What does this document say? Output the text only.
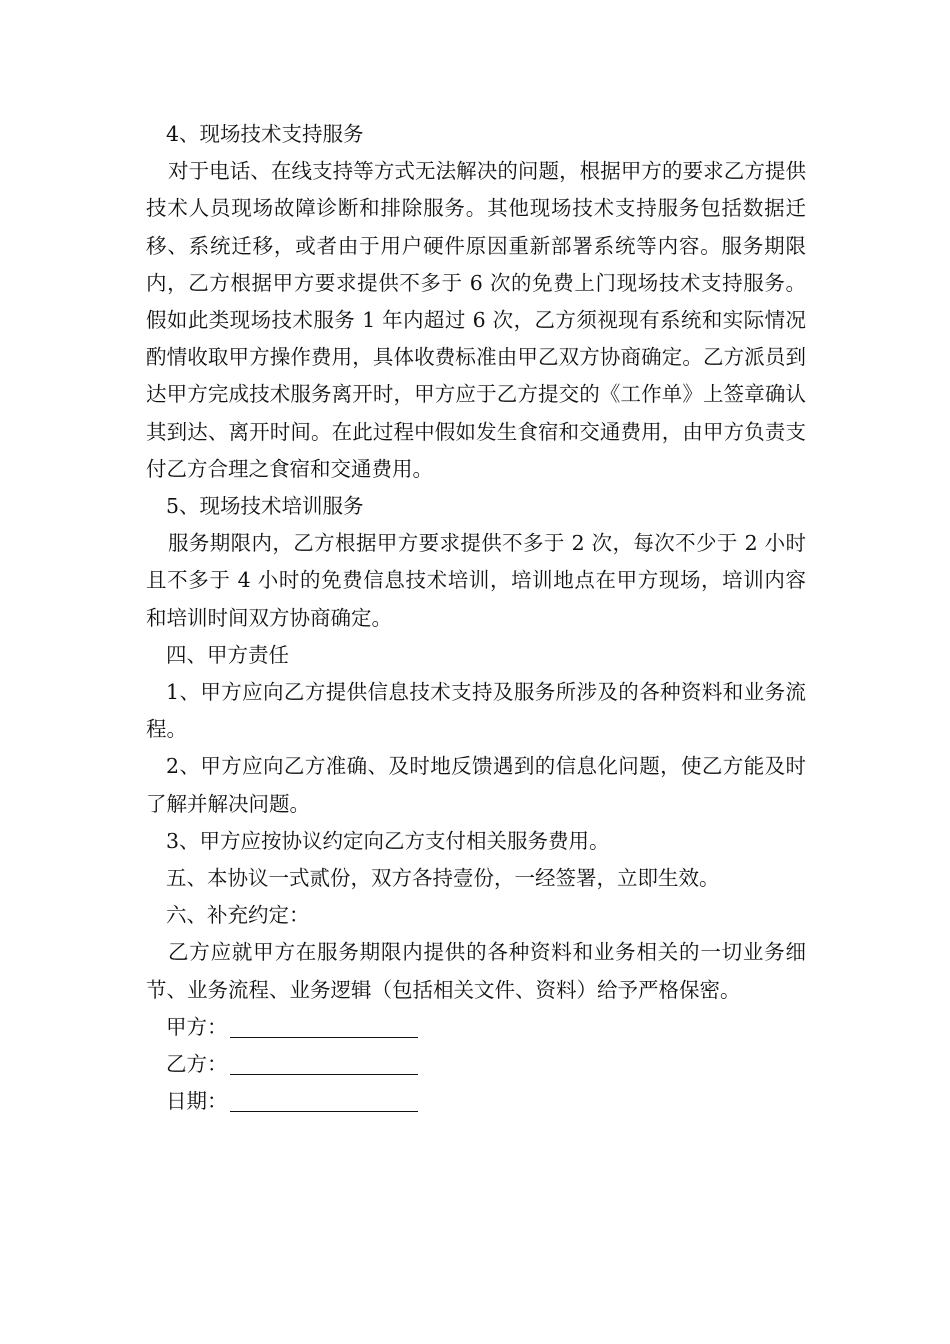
4、现场技术支持服务

对于电话、在线支持等方式无法解决的问题，根据甲方的要求乙方提供技术人员现场故障诊断和排除服务。其他现场技术支持服务包括数据迁移、系统迁移，或者由于用户硬件原因重新部署系统等内容。服务期限内，乙方根据甲方要求提供不多于 6 次的免费上门现场技术支持服务。假如此类现场技术服务 1 年内超过 6 次，乙方须视现有系统和实际情况酌情收取甲方操作费用，具体收费标准由甲乙双方协商确定。乙方派员到达甲方完成技术服务离开时，甲方应于乙方提交的《工作单》上签章确认其到达、离开时间。在此过程中假如发生食宿和交通费用，由甲方负责支付乙方合理之食宿和交通费用。

5、现场技术培训服务

服务期限内，乙方根据甲方要求提供不多于 2 次，每次不少于 2 小时且不多于 4 小时的免费信息技术培训，培训地点在甲方现场，培训内容和培训时间双方协商确定。

四、甲方责任

1、甲方应向乙方提供信息技术支持及服务所涉及的各种资料和业务流程。

2、甲方应向乙方准确、及时地反馈遇到的信息化问题，使乙方能及时了解并解决问题。

3、甲方应按协议约定向乙方支付相关服务费用。

五、本协议一式贰份，双方各持壹份，一经签署，立即生效。

六、补充约定：

乙方应就甲方在服务期限内提供的各种资料和业务相关的一切业务细节、业务流程、业务逻辑（包括相关文件、资料）给予严格保密。

甲方：

乙方：

日期：
